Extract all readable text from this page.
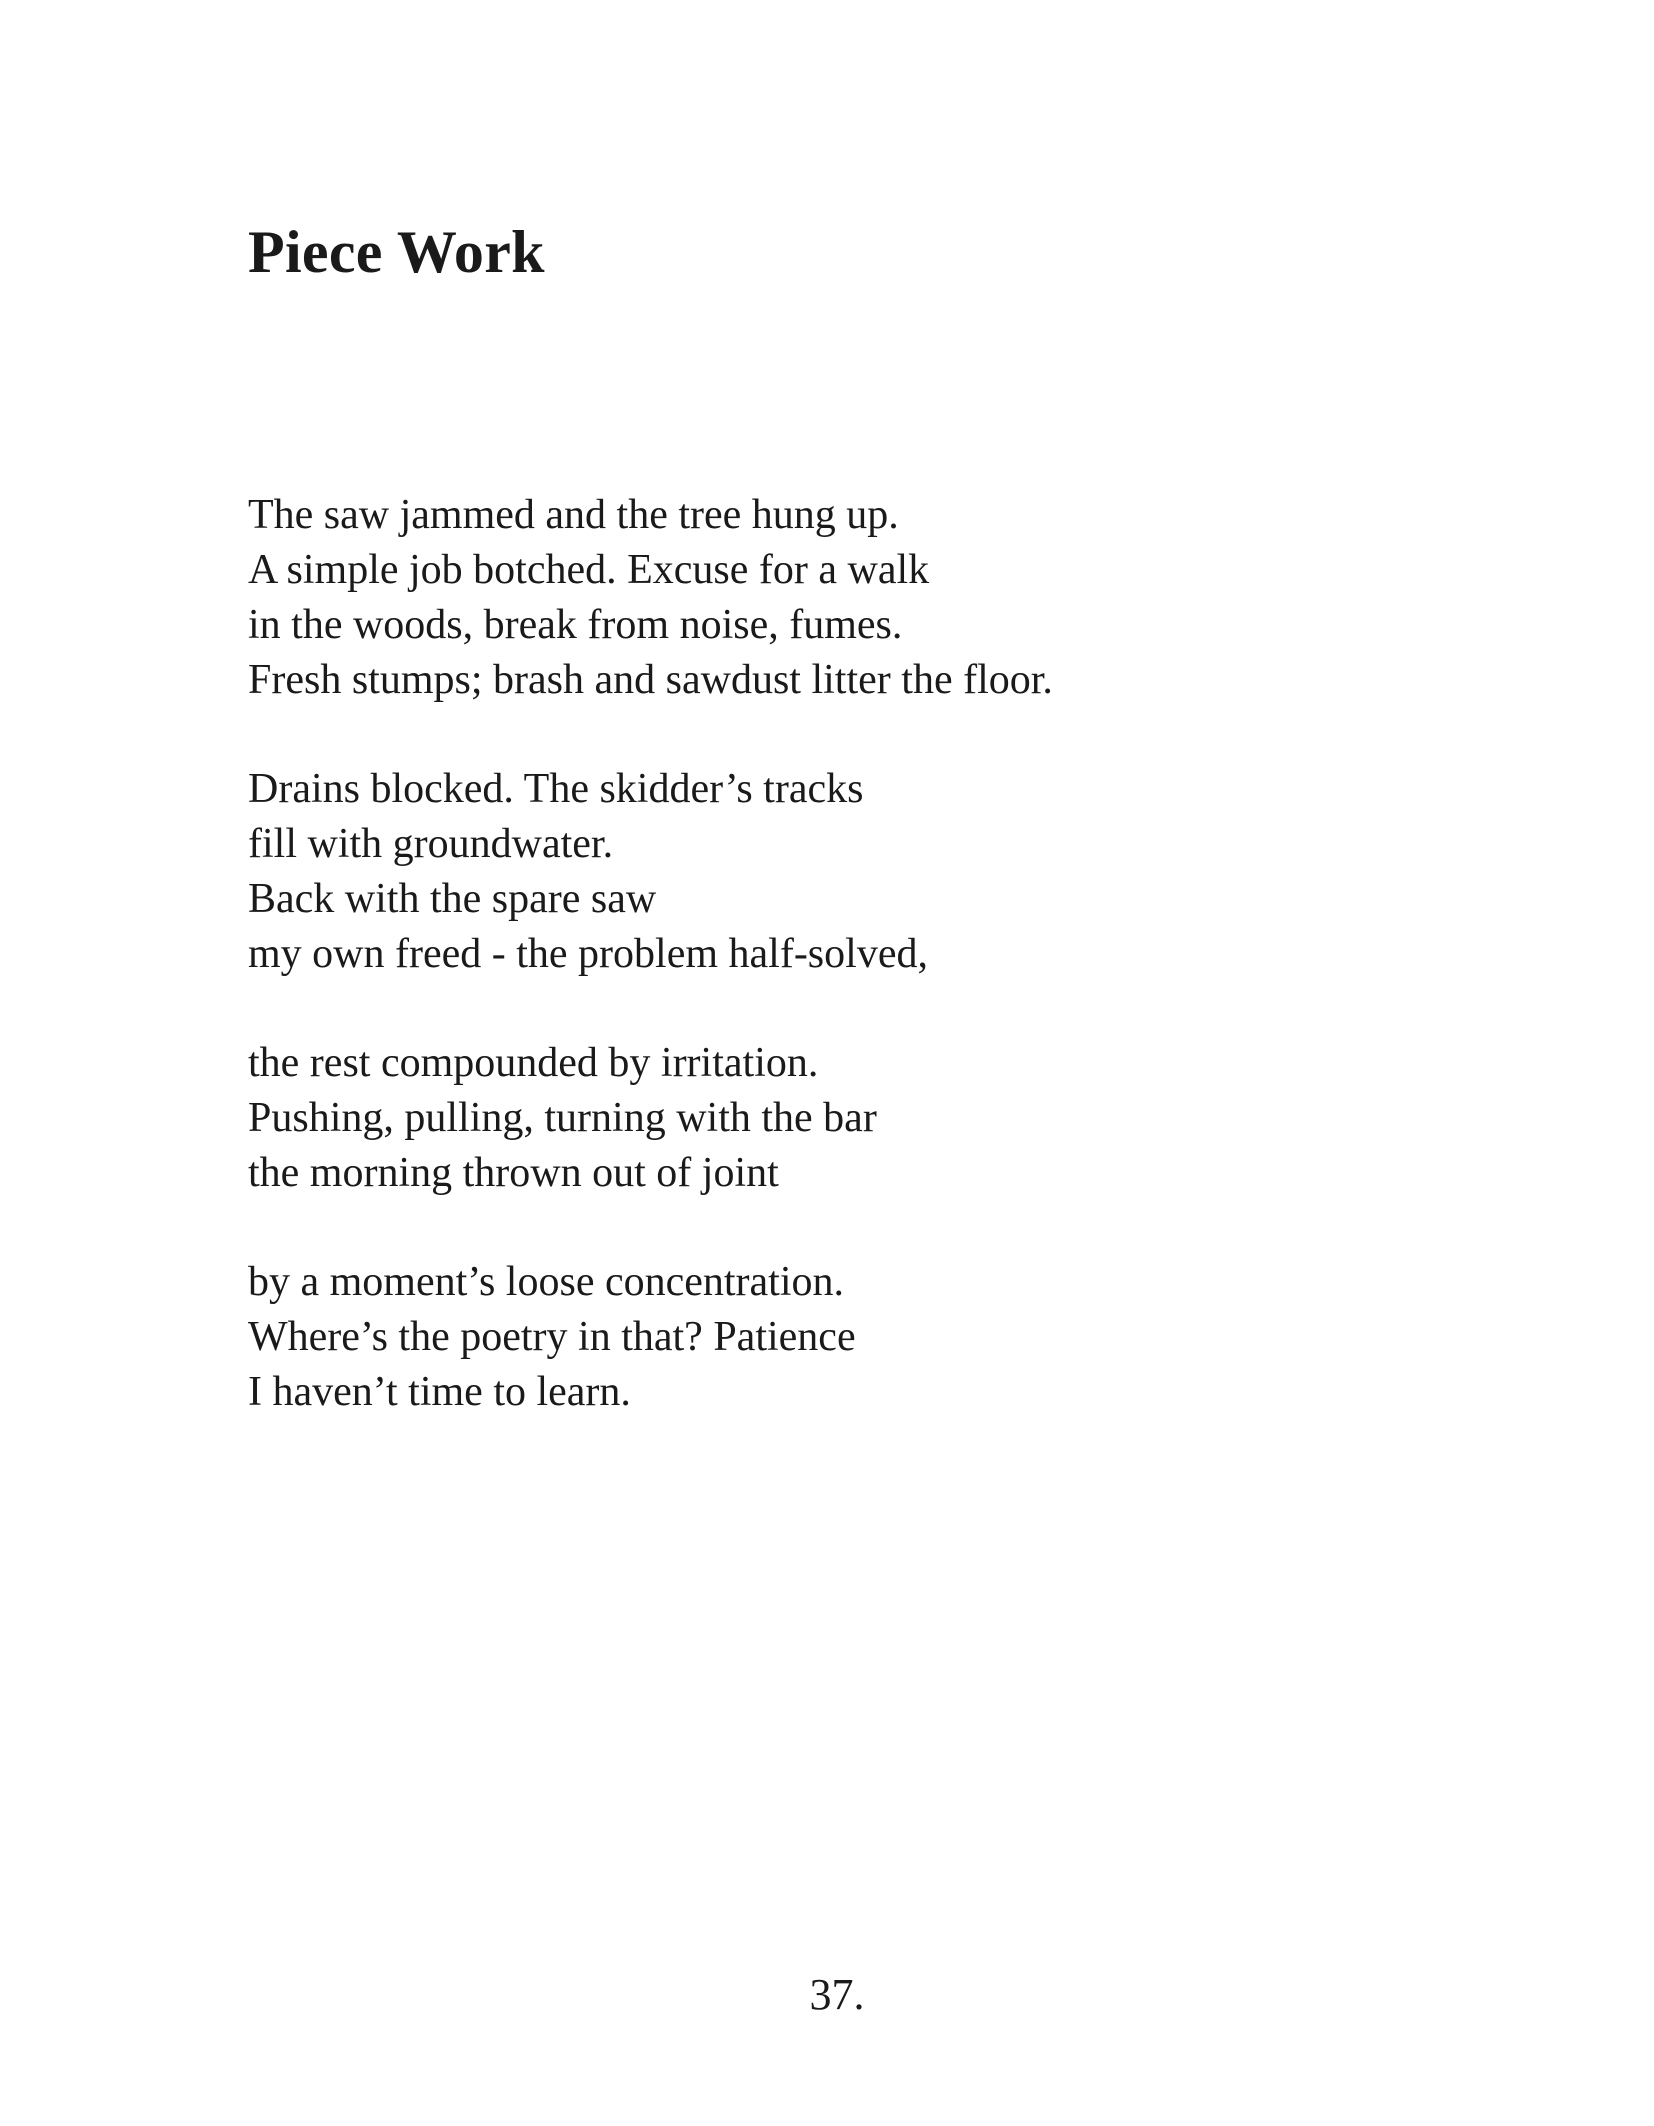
Piece Work
The saw jammed and the tree hung up.
A simple job botched. Excuse for a walk
in the woods, break from noise, fumes.
Fresh stumps; brash and sawdust litter the floor.
Drains blocked. The skidder’s tracks
fill with groundwater.
Back with the spare saw
my own freed - the problem half-solved,
the rest compounded by irritation.
Pushing, pulling, turning with the bar
the morning thrown out of joint
by a moment’s loose concentration.
Where’s the poetry in that? Patience
I haven’t time to learn.
37.
